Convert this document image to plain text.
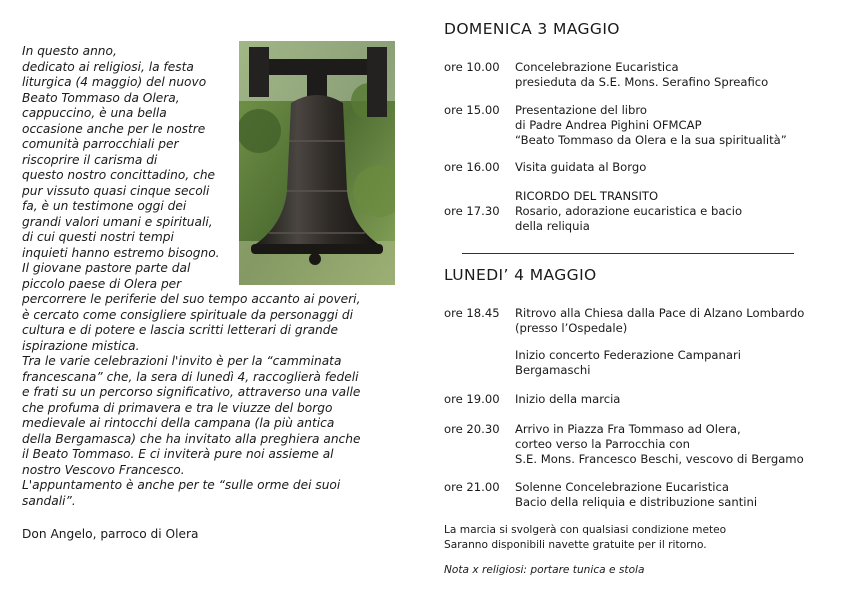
In questo anno,
dedicato ai religiosi, la festa
liturgica (4 maggio) del nuovo
Beato Tommaso da Olera,
cappuccino, è una bella
occasione anche per le nostre
comunità parrocchiali per
riscoprire il carisma di
questo nostro concittadino, che
pur vissuto quasi cinque secoli
fa, è un testimone oggi dei
grandi valori umani e spirituali,
di cui questi nostri tempi
inquieti hanno estremo bisogno.
Il giovane pastore parte dal
piccolo paese di Olera per
percorrere le periferie del suo tempo accanto ai poveri,
è cercato come consigliere spirituale da personaggi di
cultura e di potere e lascia scritti letterari di grande
ispirazione mistica.
Tra le varie celebrazioni l'invito è per la “camminata
francescana” che, la sera di lunedì 4, raccoglierà fedeli
e frati su un percorso significativo, attraverso una valle
che profuma di primavera e tra le viuzze del borgo
medievale ai rintocchi della campana (la più antica
della Bergamasca) che ha invitato alla preghiera anche
il Beato Tommaso. E ci inviterà pure noi assieme al
nostro Vescovo Francesco.
L'appuntamento è anche per te “sulle orme dei suoi
sandali”.

Don Angelo, parroco di Olera

DOMENICA 3 MAGGIO
ore 10.00	Concelebrazione Eucaristica
presieduta da S.E. Mons. Serafino Spreafico
ore 15.00	Presentazione del libro
di Padre Andrea Pighini OFMCAP
“Beato Tommaso da Olera e la sua spiritualità”
ore 16.00	Visita guidata al Borgo
RICORDO DEL TRANSITO
ore 17.30	Rosario, adorazione eucaristica e bacio
della reliquia
LUNEDI’ 4 MAGGIO
ore 18.45	Ritrovo alla Chiesa dalla Pace di Alzano Lombardo
(presso l’Ospedale)
Inizio concerto Federazione Campanari
Bergamaschi
ore 19.00	Inizio della marcia
ore 20.30	Arrivo in Piazza Fra Tommaso ad Olera,
corteo verso la Parrocchia con
S.E. Mons. Francesco Beschi, vescovo di Bergamo
ore 21.00	Solenne Concelebrazione Eucaristica
Bacio della reliquia e distribuzione santini
La marcia si svolgerà con qualsiasi condizione meteo
Saranno disponibili navette gratuite per il ritorno.
Nota x religiosi: portare tunica e stola
